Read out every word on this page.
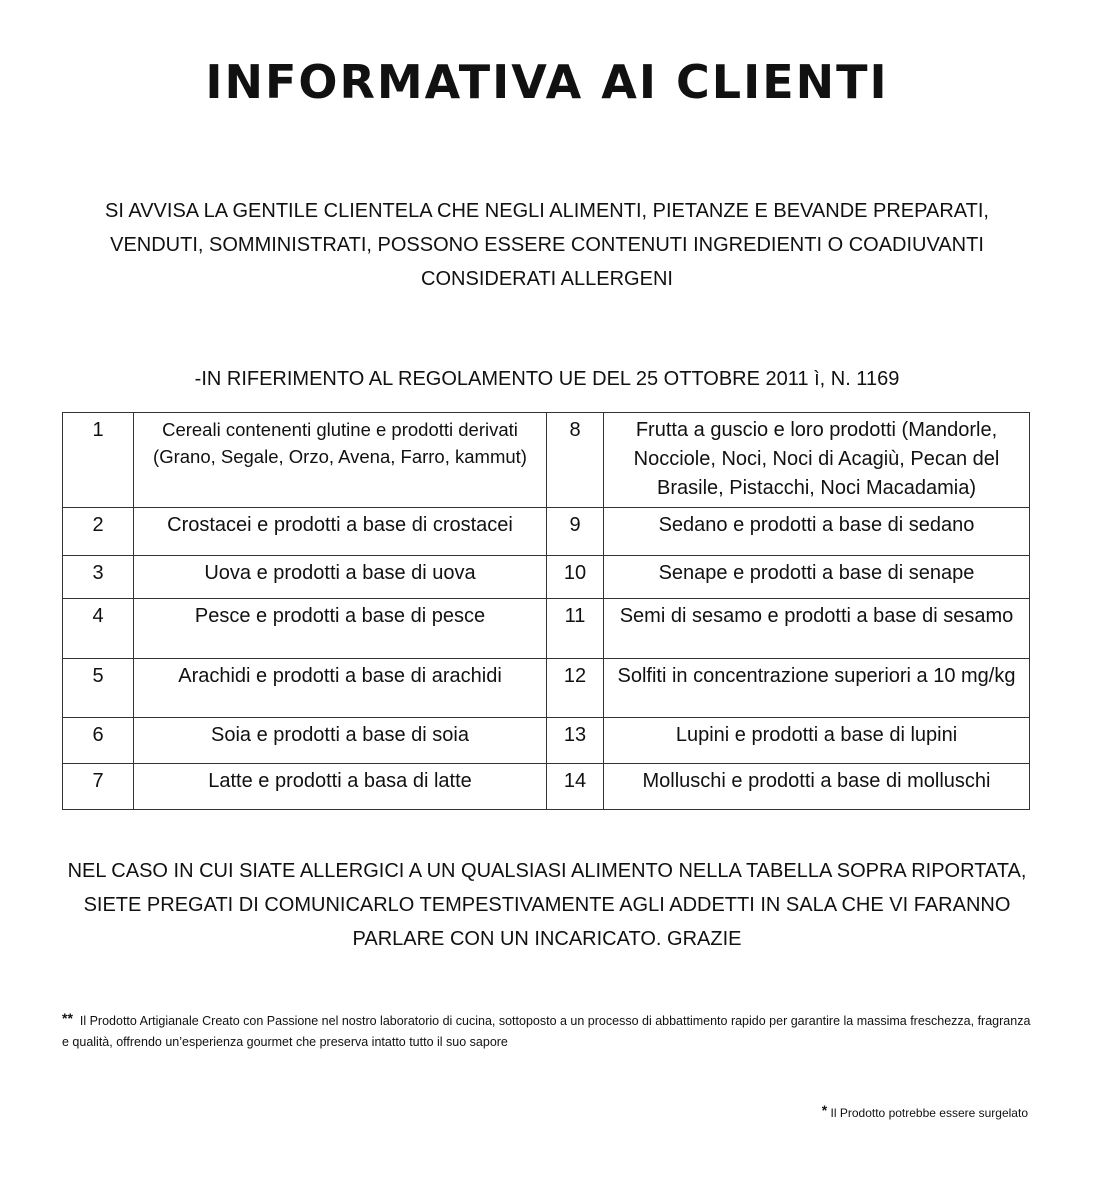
INFORMATIVA AI CLIENTI

SI AVVISA LA GENTILE CLIENTELA CHE NEGLI ALIMENTI, PIETANZE E BEVANDE PREPARATI, VENDUTI, SOMMINISTRATI, POSSONO ESSERE CONTENUTI INGREDIENTI O COADIUVANTI CONSIDERATI ALLERGENI

-IN RIFERIMENTO AL REGOLAMENTO UE DEL 25 OTTOBRE 2011 ì, N. 1169

1	Cereali contenenti glutine e prodotti derivati (Grano, Segale, Orzo, Avena, Farro, kammut)	8	Frutta a guscio e loro prodotti (Mandorle, Nocciole, Noci, Noci di Acagiù, Pecan del Brasile, Pistacchi, Noci Macadamia)
2	Crostacei e prodotti a base di crostacei	9	Sedano e prodotti a base di sedano
3	Uova e prodotti a base di uova	10	Senape e prodotti a base di senape
4	Pesce e prodotti a base di pesce	11	Semi di sesamo e prodotti a base di sesamo
5	Arachidi e prodotti a base di arachidi	12	Solfiti in concentrazione superiori a 10 mg/kg
6	Soia e prodotti a base di soia	13	Lupini e prodotti a base di lupini
7	Latte e prodotti a basa di latte	14	Molluschi e prodotti a base di molluschi

NEL CASO IN CUI SIATE ALLERGICI A UN QUALSIASI ALIMENTO NELLA TABELLA SOPRA RIPORTATA, SIETE PREGATI DI COMUNICARLO TEMPESTIVAMENTE AGLI ADDETTI IN SALA CHE VI FARANNO PARLARE CON UN INCARICATO. GRAZIE

** Il Prodotto Artigianale Creato con Passione nel nostro laboratorio di cucina, sottoposto a un processo di abbattimento rapido per garantire la massima freschezza, fragranza e qualità, offrendo un’esperienza gourmet che preserva intatto tutto il suo sapore

* Il Prodotto potrebbe essere surgelato
